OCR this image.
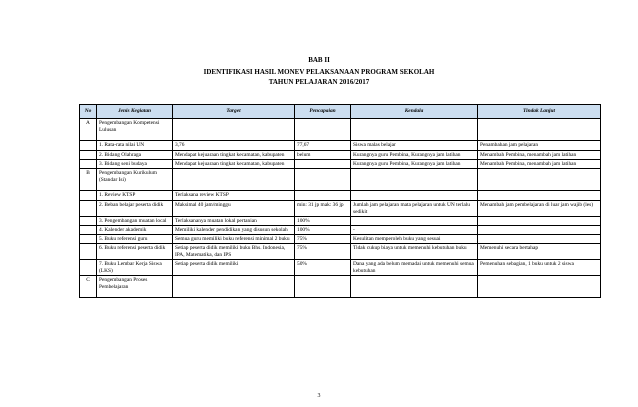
BAB II
IDENTIFIKASI HASIL MONEV PELAKSANAAN PROGRAM SEKOLAH
TAHUN PELAJARAN 2016/2017
No	Jenis Kegiatan	Target	Pencapaian	Kendala	Tindak Lanjut
A	Pengembangan Kompetensi Lulusan				
	1. Rata-rata nilai UN	3,76	77,67	Siswa malas belajar	Penambahan jam pelajaran
	2. Bidang Olahraga	Mendapat kejuaraan tingkat kecamatan, kabupaten	belum	Kurangnya guru Pembina, Kurangnya jam latihan	Menambah Pembina, menambah jam latihan
	3. Bidang seni budaya	Mendapat kejuaraan tingkat kecamatan, kabupaten		Kurangnya guru Pembina, Kurangnya jam latihan	Menambah Pembina, menambah jam latihan
B	Pengembangan Kurikulum (Standar Isi)				
	1. Review KTSP	Terlaksana review KTSP			
	2. Beban belajar peserta didik	Maksimal 40 jam/minggu	min: 31 jp mak: 36 jp	Jumlah jam pelajaran mata pelajaran untuk UN terlalu sedikit	Menambah jam pembelajaran di luar jam wajib (les)
	3. Pengembangan muatan local	Terlaksananya muatan lokal pertanian	100%		
	4. Kalender akademik	Memiliki kalender pendidikan yang disusun sekolah	100%	-	
	5. Buku referensi guru	Semua guru memiliki buku referensi minimal 2 buku	75%	Kesulitan memperoleh buku yang sesuai	
	6. Buku referensi peserta didik	Setiap peserta didik memiliki buku Bhs. Indonesia, IPA, Matematika, dan IPS	75%	Tidak cukup biaya untuk memenuhi kebutuhan buku	Memenuhi secara bertahap
	7. Buku Lembar Kerja Siswa (LKS)	Setiap peserta didik memiliki	50%	Dana yang ada belum memadai untuk memenuhi semua kebutuhan	Pemenuhan sebagian, 1 buku untuk 2 siswa
C	Pengembangan Proses Pembelajaran				
3
